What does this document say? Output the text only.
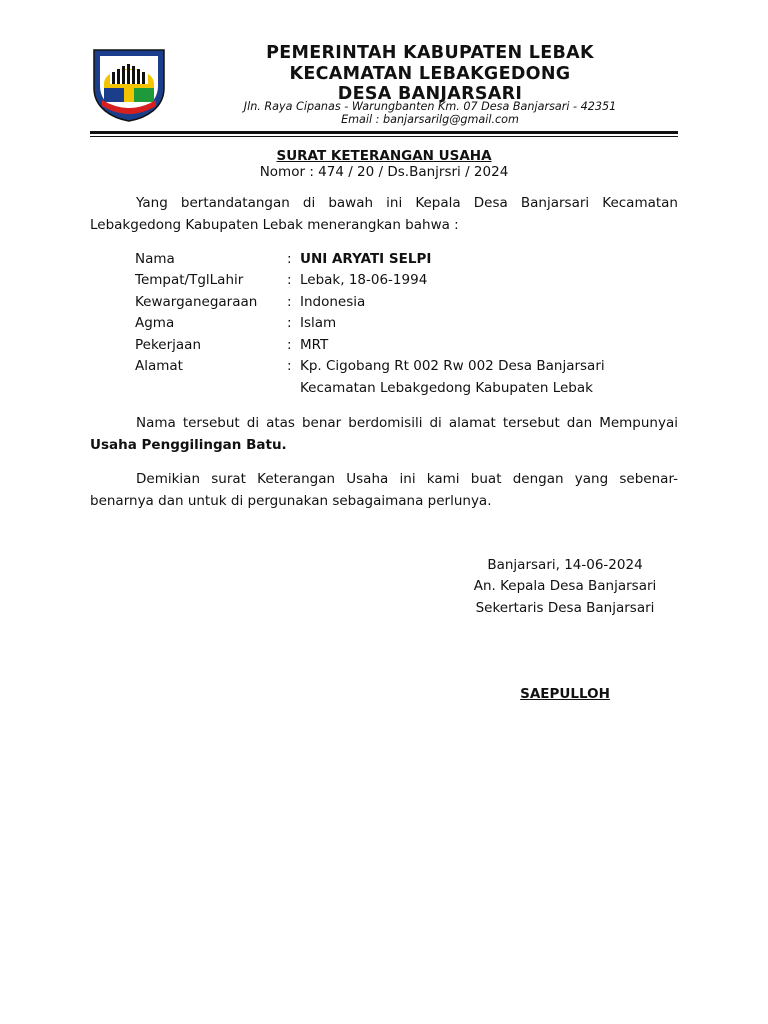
PEMERINTAH KABUPATEN LEBAK
KECAMATAN LEBAKGEDONG
DESA BANJARSARI
Jln. Raya Cipanas - Warungbanten Km. 07 Desa Banjarsari - 42351
Email : banjarsarilg@gmail.com
SURAT KETERANGAN USAHA
Nomor : 474 / 20 / Ds.Banjrsri / 2024
Yang bertandatangan di bawah ini Kepala Desa Banjarsari Kecamatan Lebakgedong Kabupaten Lebak menerangkan bahwa :
Nama	: UNI ARYATI SELPI
Tempat/TglLahir	: Lebak, 18-06-1994
Kewarganegaraan	: Indonesia
Agma	: Islam
Pekerjaan	: MRT
Alamat	: Kp. Cigobang Rt 002 Rw 002 Desa Banjarsari
Kecamatan Lebakgedong Kabupaten Lebak
Nama tersebut di atas benar berdomisili di alamat tersebut dan Mempunyai Usaha Penggilingan Batu.
Demikian surat Keterangan Usaha ini kami buat dengan yang sebenar-benarnya dan untuk di pergunakan sebagaimana perlunya.
Banjarsari, 14-06-2024
An. Kepala Desa Banjarsari
Sekertaris Desa Banjarsari
SAEPULLOH
